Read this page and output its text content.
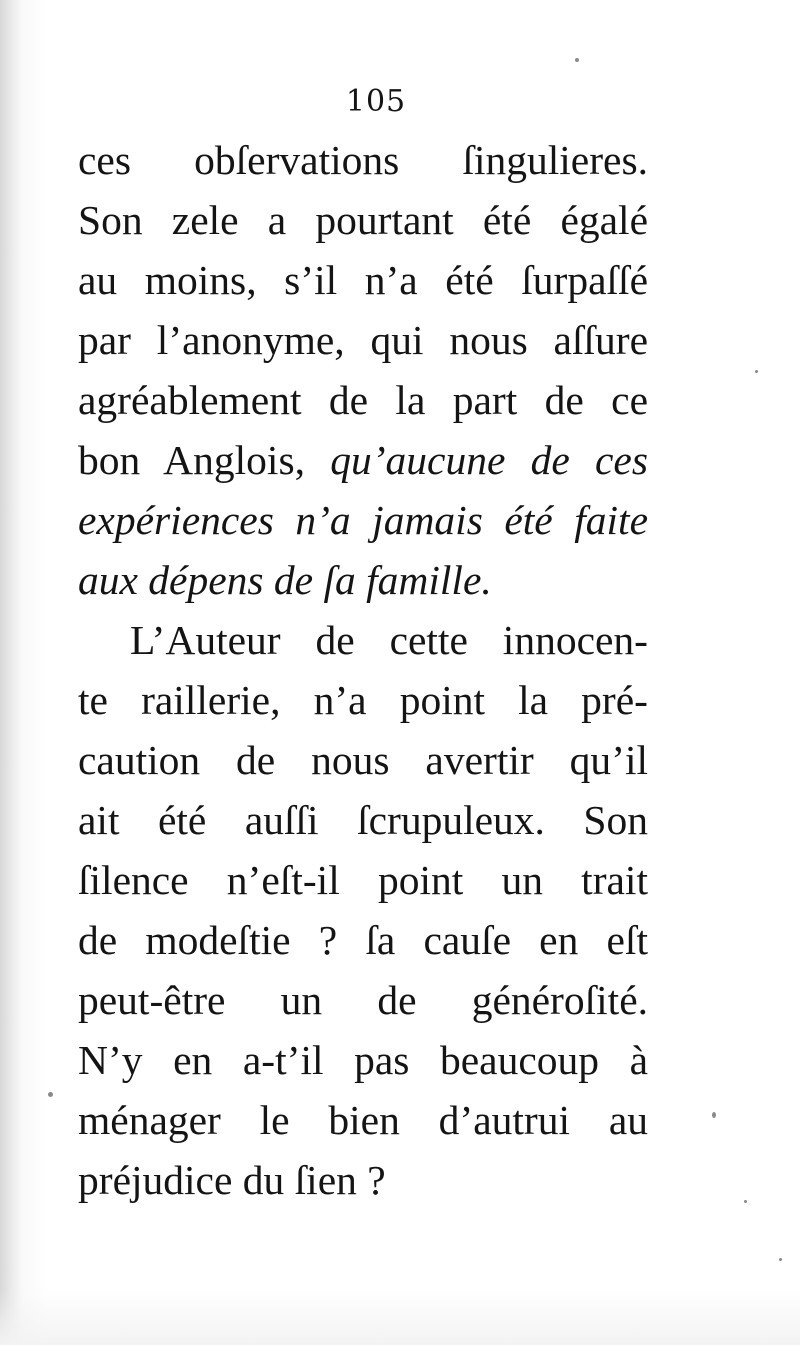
105
ces obſervations ſingulieres.
Son zele a pourtant été égalé
au moins, s’il n’a été ſurpaſſé
par l’anonyme, qui nous aſſure
agréablement de la part de ce
bon Anglois, qu’aucune de ces
expériences n’a jamais été faite
aux dépens de ſa famille.
L’Auteur de cette innocen-
te raillerie, n’a point la pré-
caution de nous avertir qu’il
ait été auſſi ſcrupuleux. Son
ſilence n’eſt-il point un trait
de modeſtie ? ſa cauſe en eſt
peut-être un de généroſité.
N’y en a-t’il pas beaucoup à
ménager le bien d’autrui au
préjudice du ſien ?
